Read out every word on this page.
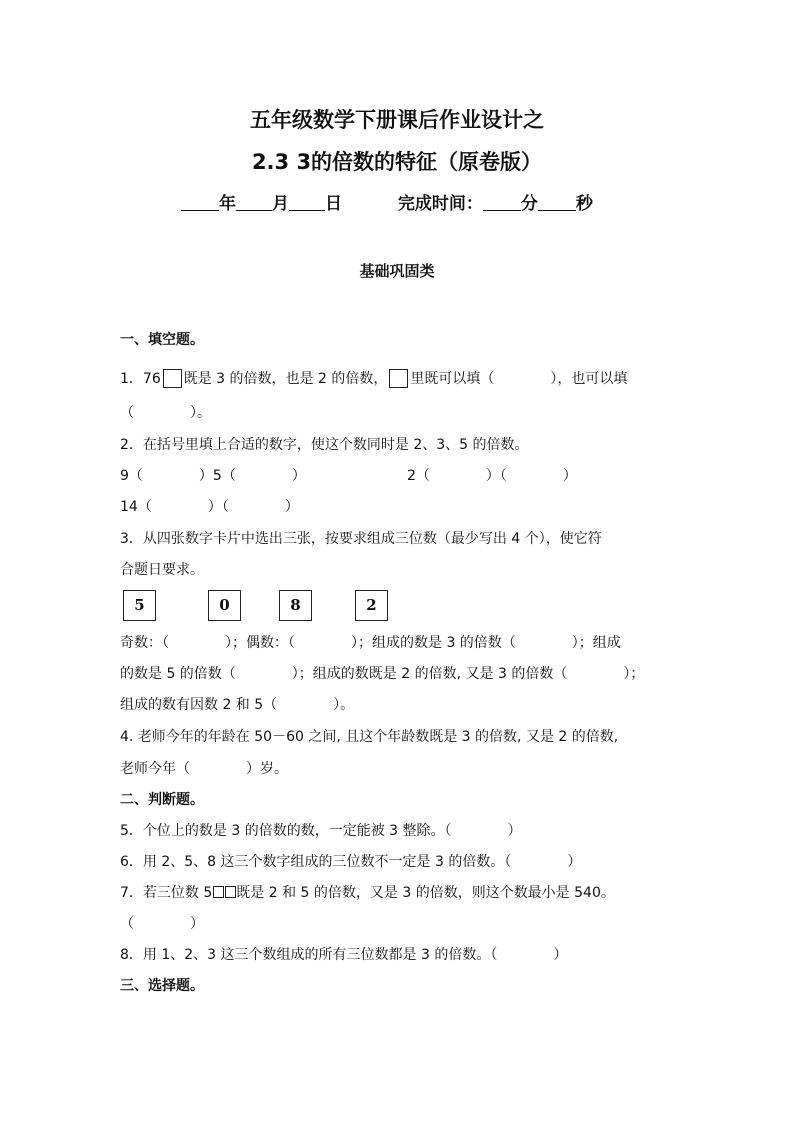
五年级数学下册课后作业设计之
2.3 3的倍数的特征（原卷版）
年 月 日	完成时间： 分 秒
基础巩固类
一、填空题。
1．76 既是 3 的倍数，也是 2 的倍数， 里既可以填（　　　　），也可以填
（　　　　）。
2．在括号里填上合适的数字，使这个数同时是 2、3、5 的倍数。
9（　　　　）5（　　　　）	2（　　　　）（　　　　）
14（　　　　）（　　　　）
3．从四张数字卡片中选出三张，按要求组成三位数（最少写出 4 个），使它符
合题日要求。
5	0	8	2
奇数：（　　　　）；偶数：（　　　　）；组成的数是 3 的倍数（　　　　）；组成
的数是 5 的倍数（　　　　）；组成的数既是 2 的倍数, 又是 3 的倍数（　　　　）；
组成的数有因数 2 和 5（　　　　）。
4. 老师今年的年龄在 50－60 之间, 且这个年龄数既是 3 的倍数, 又是 2 的倍数,
老师今年（　　　　）岁。
二、判断题。
5．个位上的数是 3 的倍数的数，一定能被 3 整除。（　　　　）
6．用 2、5、8 这三个数字组成的三位数不一定是 3 的倍数。（　　　　）
7．若三位数 5 既是 2 和 5 的倍数，又是 3 的倍数，则这个数最小是 540。
（　　　　）
8．用 1、2、3 这三个数组成的所有三位数都是 3 的倍数。（　　　　）
三、选择题。
